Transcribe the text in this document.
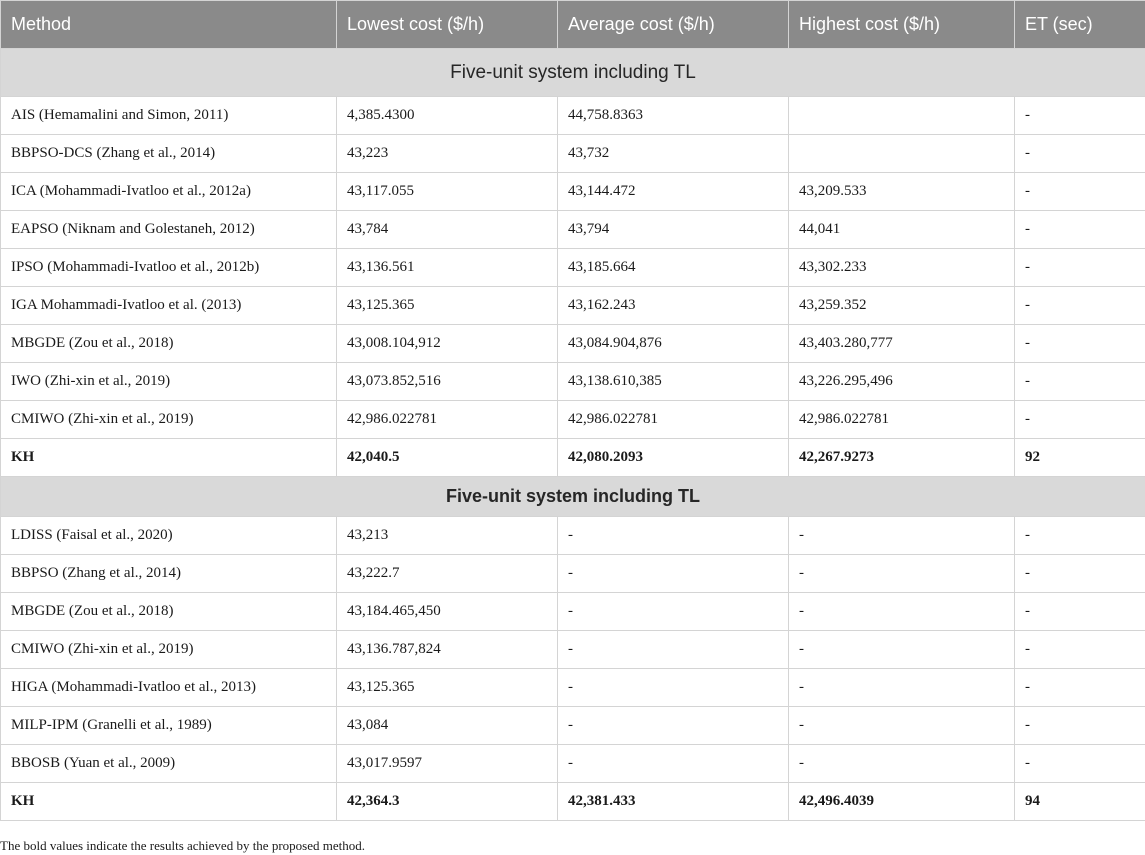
Method	Lowest cost ($/h)	Average cost ($/h)	Highest cost ($/h)	ET (sec)
Five-unit system including TL				
AIS (Hemamalini and Simon, 2011)	4,385.4300	44,758.8363		-
BBPSO-DCS (Zhang et al., 2014)	43,223	43,732		-
ICA (Mohammadi-Ivatloo et al., 2012a)	43,117.055	43,144.472	43,209.533	-
EAPSO (Niknam and Golestaneh, 2012)	43,784	43,794	44,041	-
IPSO (Mohammadi-Ivatloo et al., 2012b)	43,136.561	43,185.664	43,302.233	-
IGA Mohammadi-Ivatloo et al. (2013)	43,125.365	43,162.243	43,259.352	-
MBGDE (Zou et al., 2018)	43,008.104,912	43,084.904,876	43,403.280,777	-
IWO (Zhi-xin et al., 2019)	43,073.852,516	43,138.610,385	43,226.295,496	-
CMIWO (Zhi-xin et al., 2019)	42,986.022781	42,986.022781	42,986.022781	-
KH	42,040.5	42,080.2093	42,267.9273	92
Five-unit system including TL				
LDISS (Faisal et al., 2020)	43,213	-	-	-
BBPSO (Zhang et al., 2014)	43,222.7	-	-	-
MBGDE (Zou et al., 2018)	43,184.465,450	-	-	-
CMIWO (Zhi-xin et al., 2019)	43,136.787,824	-	-	-
HIGA (Mohammadi-Ivatloo et al., 2013)	43,125.365	-	-	-
MILP-IPM (Granelli et al., 1989)	43,084	-	-	-
BBOSB (Yuan et al., 2009)	43,017.9597	-	-	-
KH	42,364.3	42,381.433	42,496.4039	94
The bold values indicate the results achieved by the proposed method.
